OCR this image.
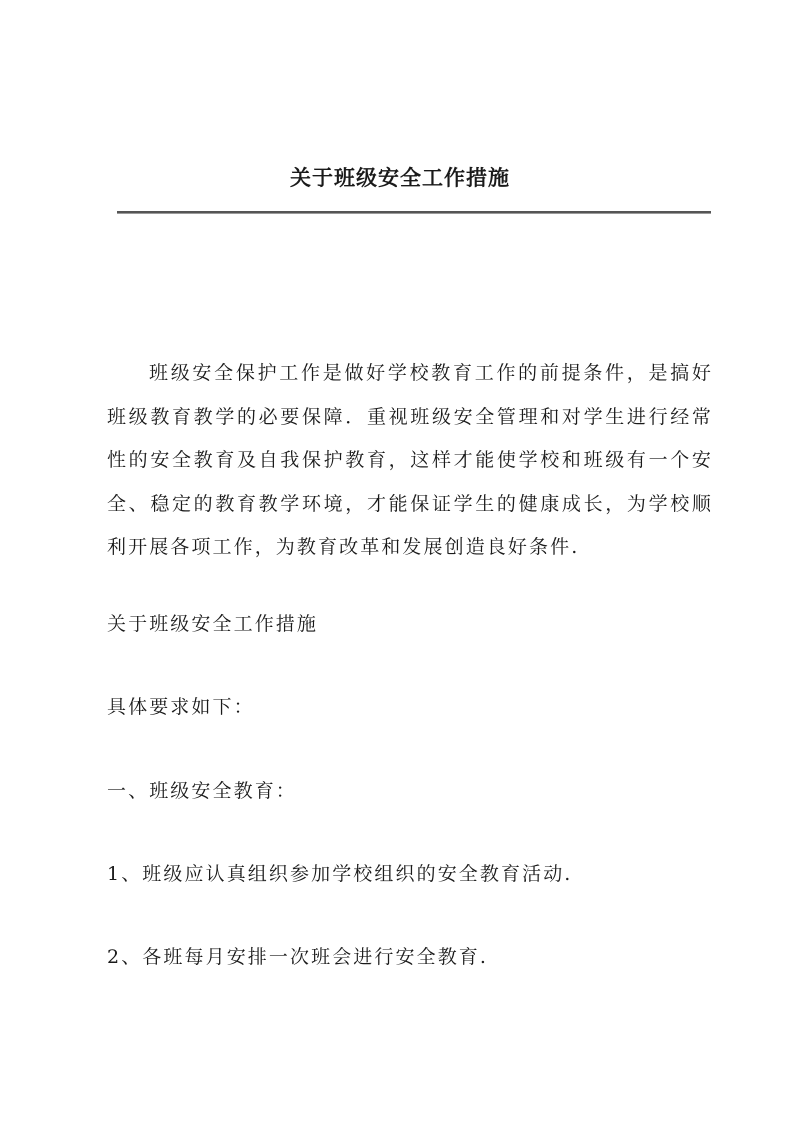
关于班级安全工作措施

班级安全保护工作是做好学校教育工作的前提条件，是搞好班级教育教学的必要保障．重视班级安全管理和对学生进行经常性的安全教育及自我保护教育，这样才能使学校和班级有一个安全、稳定的教育教学环境，才能保证学生的健康成长，为学校顺利开展各项工作，为教育改革和发展创造良好条件.

关于班级安全工作措施
具体要求如下：
一、班级安全教育：
1、班级应认真组织参加学校组织的安全教育活动.
2、各班每月安排一次班会进行安全教育.
